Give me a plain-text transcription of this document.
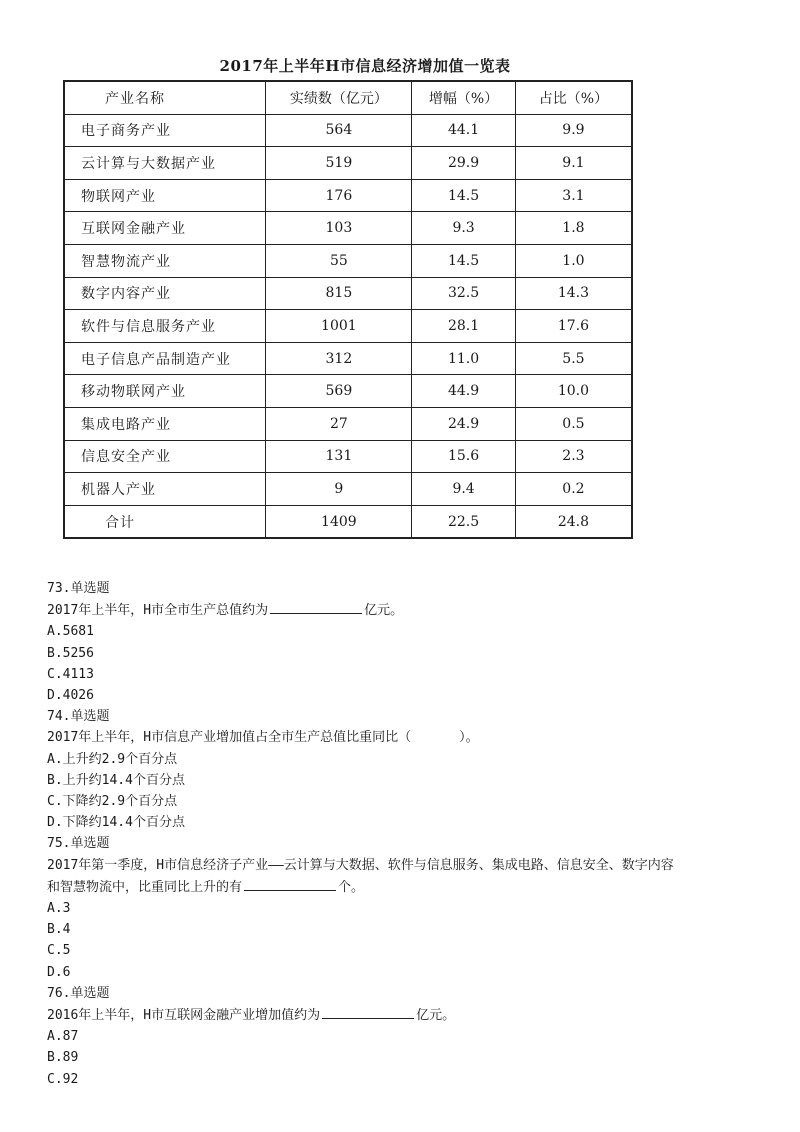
2017年上半年H市信息经济增加值一览表
产业名称	实绩数（亿元）	增幅（%）	占比（%）
电子商务产业	564	44.1	9.9
云计算与大数据产业	519	29.9	9.1
物联网产业	176	14.5	3.1
互联网金融产业	103	9.3	1.8
智慧物流产业	55	14.5	1.0
数字内容产业	815	32.5	14.3
软件与信息服务产业	1001	28.1	17.6
电子信息产品制造产业	312	11.0	5.5
移动物联网产业	569	44.9	10.0
集成电路产业	27	24.9	0.5
信息安全产业	131	15.6	2.3
机器人产业	9	9.4	0.2
合计	1409	22.5	24.8
73.单选题
2017年上半年，H市全市生产总值约为	亿元。
A.5681
B.5256
C.4113
D.4026
74.单选题
2017年上半年，H市信息产业增加值占全市生产总值比重同比（	）。
A.上升约2.9个百分点
B.上升约14.4个百分点
C.下降约2.9个百分点
D.下降约14.4个百分点
75.单选题
2017年第一季度，H市信息经济子产业——云计算与大数据、软件与信息服务、集成电路、信息安全、数字内容
和智慧物流中，比重同比上升的有	个。
A.3
B.4
C.5
D.6
76.单选题
2016年上半年，H市互联网金融产业增加值约为	亿元。
A.87
B.89
C.92
